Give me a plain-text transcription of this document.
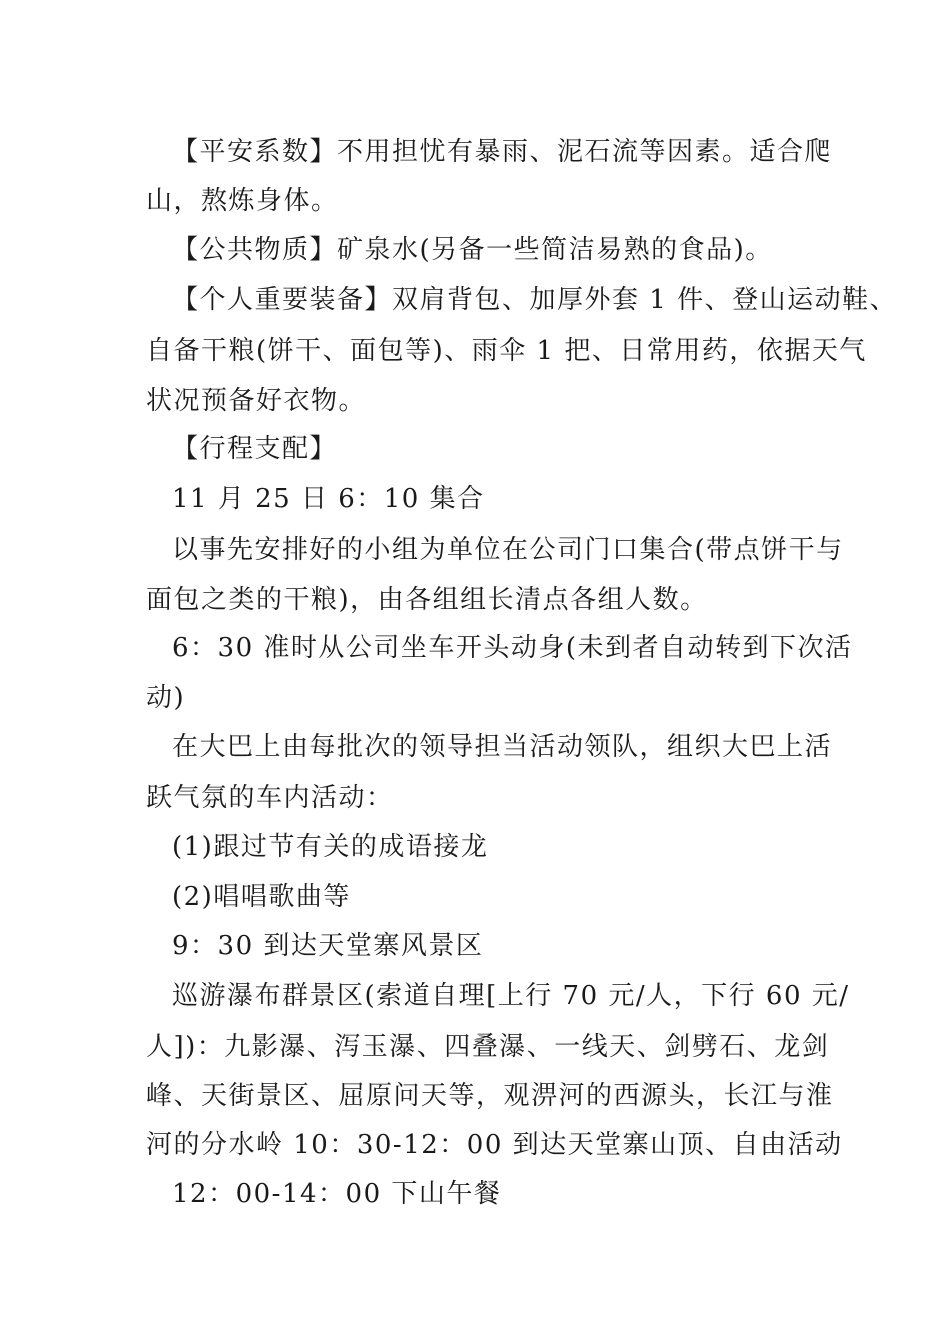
【平安系数】不用担忧有暴雨、泥石流等因素。适合爬
山，熬炼身体。
【公共物质】矿泉水(另备一些简洁易熟的食品)。
【个人重要装备】双肩背包、加厚外套 1 件、登山运动鞋、
自备干粮(饼干、面包等)、雨伞 1 把、日常用药，依据天气
状况预备好衣物。
【行程支配】
11 月 25 日 6：10 集合
以事先安排好的小组为单位在公司门口集合(带点饼干与
面包之类的干粮)，由各组组长清点各组人数。
6：30 准时从公司坐车开头动身(未到者自动转到下次活
动)
在大巴上由每批次的领导担当活动领队，组织大巴上活
跃气氛的车内活动：
(1)跟过节有关的成语接龙
(2)唱唱歌曲等
9：30 到达天堂寨风景区
巡游瀑布群景区(索道自理[上行 70 元/人，下行 60 元/
人])：九影瀑、泻玉瀑、四叠瀑、一线天、剑劈石、龙剑
峰、天街景区、屈原问天等，观淠河的西源头，长江与淮
河的分水岭 10：30-12：00 到达天堂寨山顶、自由活动
12：00-14：00 下山午餐
